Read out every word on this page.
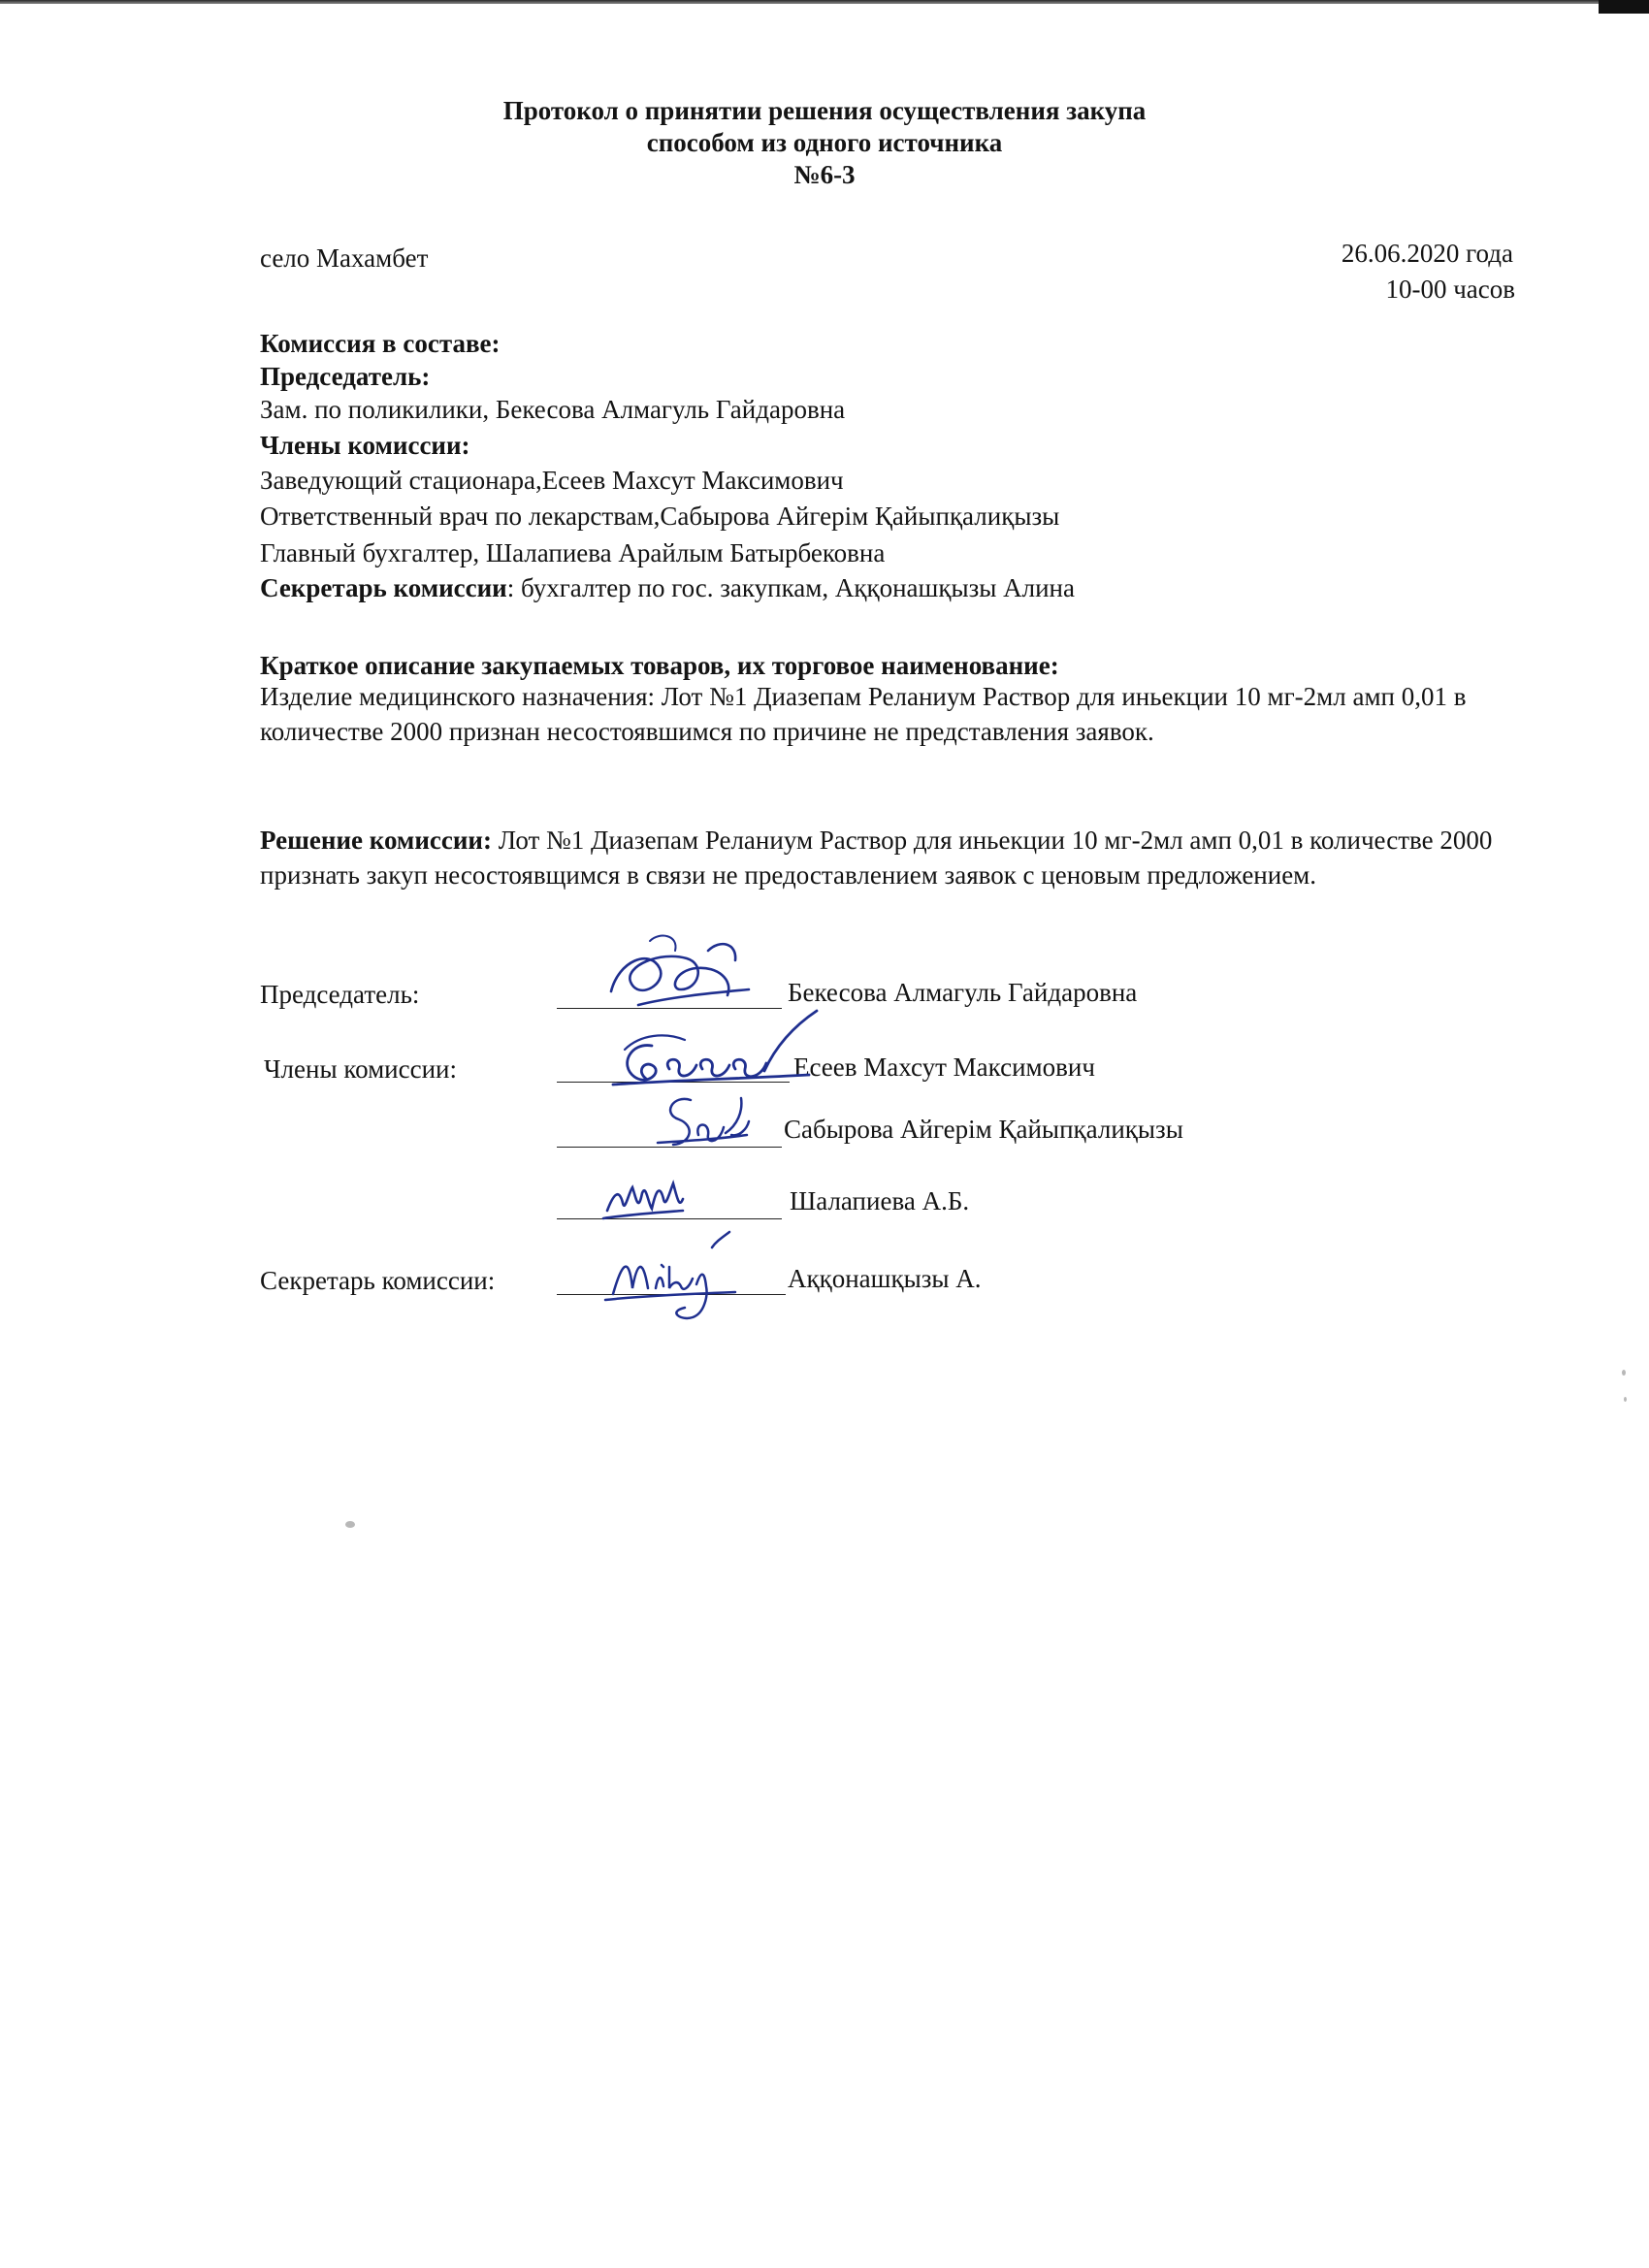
Протокол о принятии решения осуществления закупа
способом из одного источника
№6-3
село Махамбет	26.06.2020 года
10-00 часов
Комиссия в составе:
Председатель:
Зам. по поликилики, Бекесова Алмагуль Гайдаровна
Члены комиссии:
Заведующий стационара,Есеев Махсут Максимович
Ответственный врач по лекарствам,Сабырова Айгерім Қайыпқалиқызы
Главный бухгалтер, Шалапиева Арайлым Батырбековна
Секретарь комиссии: бухгалтер по гос. закупкам, Аққонашқызы Алина
Краткое описание закупаемых товаров, их торговое наименование:
Изделие медицинского назначения: Лот №1 Диазепам Реланиум Раствор для иньекции 10 мг-2мл амп 0,01 в количестве 2000 признан несостоявшимся по причине не представления заявок.
Решение комиссии: Лот №1 Диазепам Реланиум Раствор для иньекции 10 мг-2мл амп 0,01 в количестве 2000 признать закуп несостоявщимся в связи не предоставлением заявок с ценовым предложением.
Председатель:	Бекесова Алмагуль Гайдаровна
Члены комиссии:	Есеев Махсут Максимович
Сабырова Айгерім Қайыпқалиқызы
Шалапиева А.Б.
Секретарь комиссии:	Аққонашқызы А.
